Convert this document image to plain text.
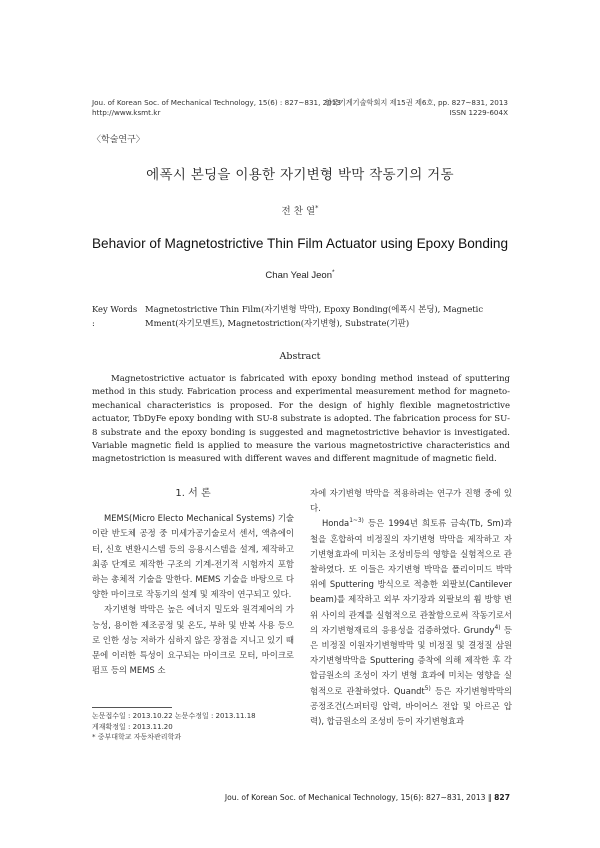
Jou. of Korean Soc. of Mechanical Technology, 15(6) : 827~831, 2013
http://www.ksmt.kr
한국기계기술학회지 제15권 제6호, pp. 827~831, 2013
ISSN 1229-604X
〈학술연구〉
에폭시 본딩을 이용한 자기변형 박막 작동기의 거동
전 찬 열*
Behavior of Magnetostrictive Thin Film Actuator using Epoxy Bonding
Chan Yeal Jeon*
Key Words :
Magnetostrictive Thin Film(자기변형 박막), Epoxy Bonding(에폭시 본딩), Magnetic Mment(자기모멘트), Magnetostriction(자기변형), Substrate(기판)
Abstract
Magnetostrictive actuator is fabricated with epoxy bonding method instead of sputtering method in this study. Fabrication process and experimental measurement method for magneto-mechanical characteristics is proposed. For the design of highly flexible magnetostrictive actuator, TbDyFe epoxy bonding with SU-8 substrate is adopted. The fabrication process for SU-8 substrate and the epoxy bonding is suggested and magnetostrictive behavior is investigated. Variable magnetic field is applied to measure the various magnetostrictive characteristics and magnetostriction is measured with different waves and different magnitude of magnetic field.
1. 서 론

MEMS(Micro Electo Mechanical Systems) 기술이란 반도체 공정 중 미세가공기술로서 센서, 액츄에이터, 신호 변환시스템 등의 응용시스템을 설계, 제작하고 최종 단계로 제작한 구조의 기계-전기적 시험까지 포함하는 총체적 기술을 말한다. MEMS 기술을 바탕으로 다양한 마이크로 작동기의 설계 및 제작이 연구되고 있다.

자기변형 박막은 높은 에너지 밀도와 원격제어의 가능성, 용이한 제조공정 및 온도, 부하 및 반복 사용 등으로 인한 성능 저하가 심하지 않은 장점을 지니고 있기 때문에 이러한 특성이 요구되는 마이크로 모터, 마이크로 펌프 등의 MEMS 소

자에 자기변형 박막을 적용하려는 연구가 진행 중에 있다.

Honda$^{1\sim 3)}$ 등은 1994년 희토류 금속(Tb, Sm)과 철을 혼합하여 비정질의 자기변형 박막을 제작하고 자기변형효과에 미치는 조성비등의 영향을 실험적으로 관찰하였다. 또 이들은 자기변형 박막을 폴리이미드 박막 위에 Sputtering 방식으로 적층한 외팔보(Cantilever beam)를 제작하고 외부 자기장과 외팔보의 휨 방향 변위 사이의 관계를 실험적으로 관찰함으로써 작동기로서의 자기변형재료의 응용성을 검증하였다. Grundy$^{4)}$ 등은 비정질 이원자기변형박막 및 비정질 및 결정질 삼원자기변형박막을 Sputtering 증착에 의해 제작한 후 각 합금원소의 조성이 자기 변형 효과에 미치는 영향을 실험적으로 관찰하였다. Quandt$^{5)}$ 등은 자기변형박막의 공정조건(스퍼터링 압력, 바이어스 전압 및 아르곤 압력), 합금원소의 조성비 등이 자기변형효과

논문접수일 : 2013.10.22 논문수정일 : 2013.11.18
게재확정일 : 2013.11.20
* 중부대학교 자동차관리학과
Jou. of Korean Soc. of Mechanical Technology, 15(6): 827~831, 2013 ‖ 827
